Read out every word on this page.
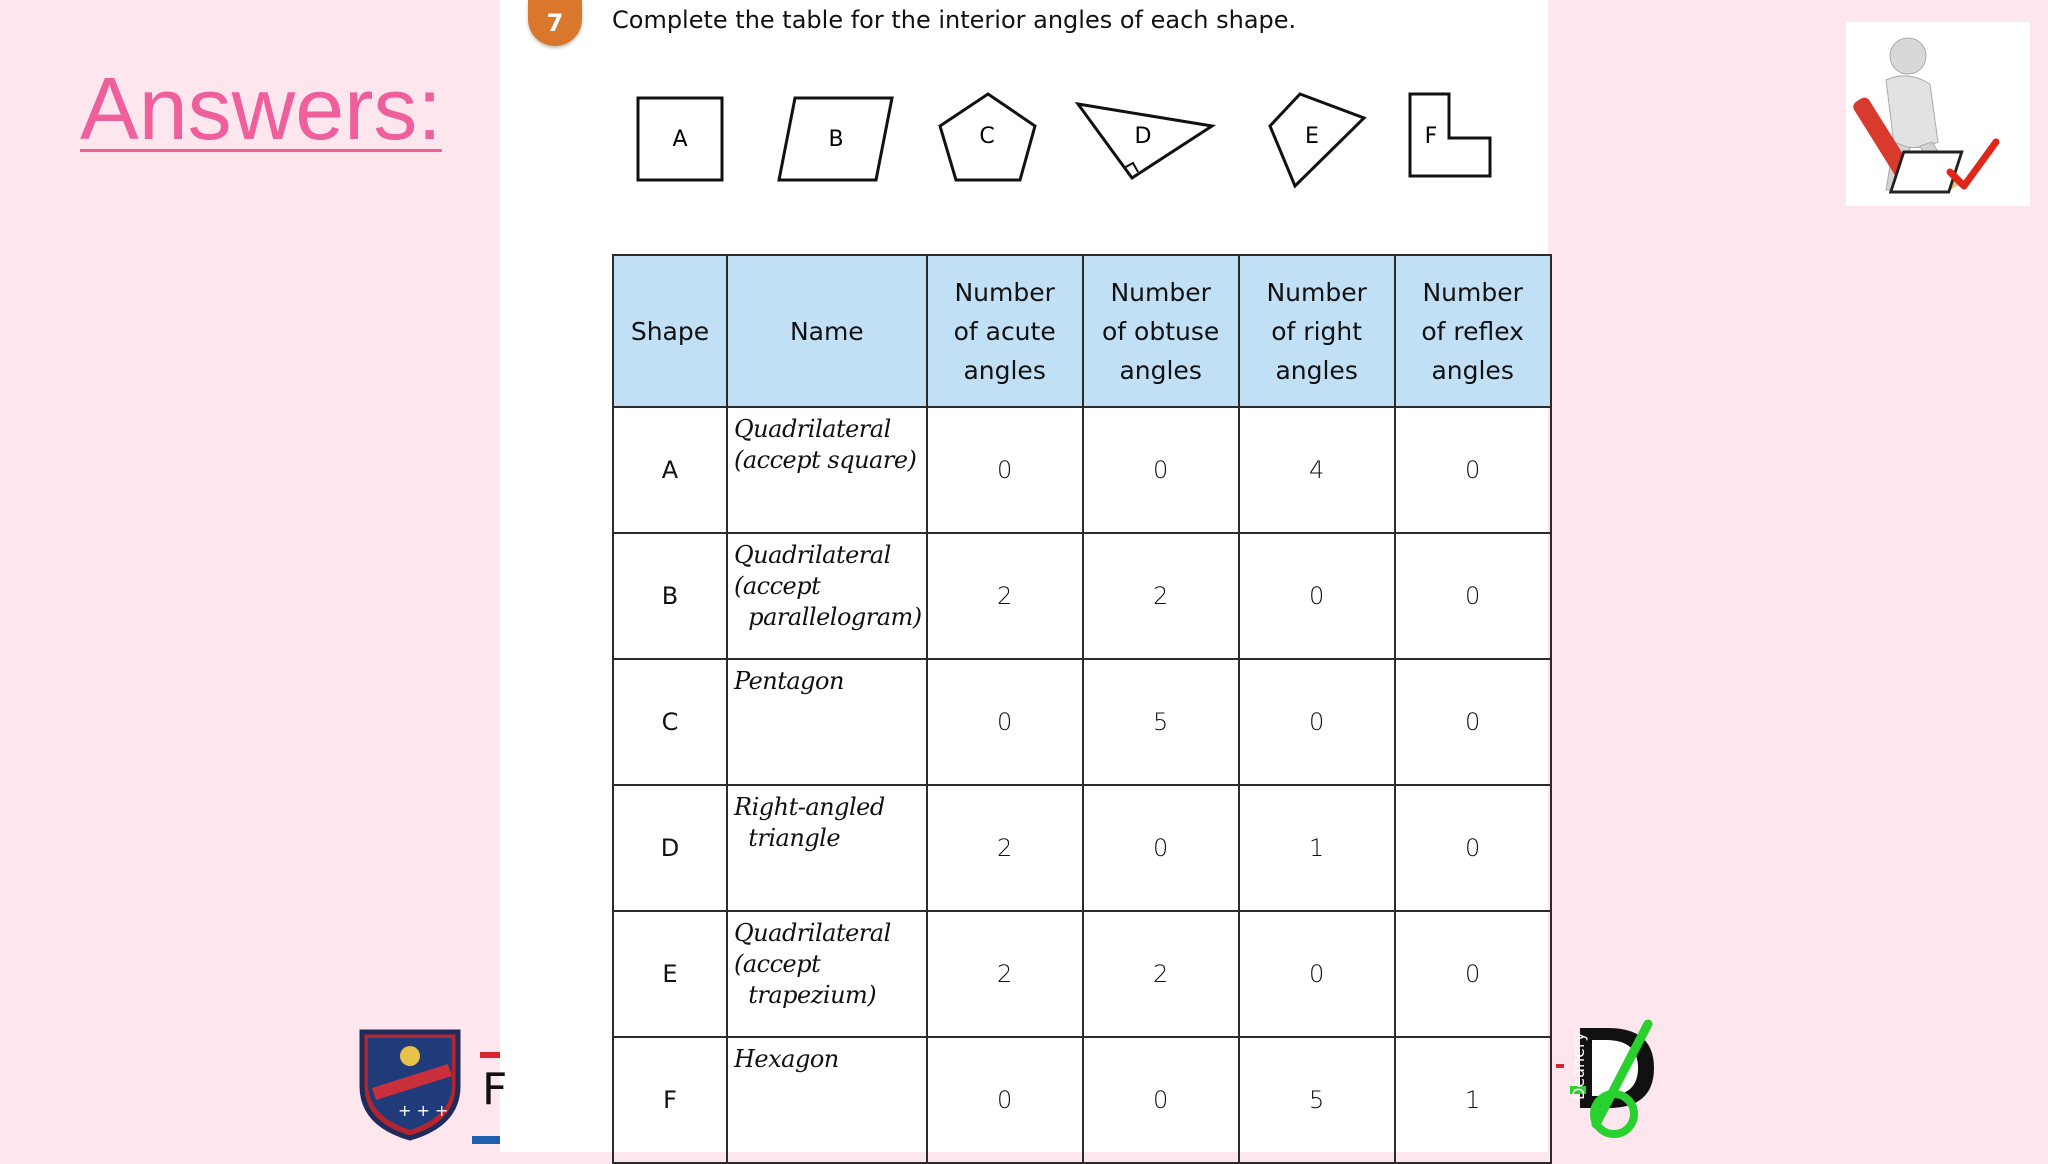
Answers:
7	Complete the table for the interior angles of each shape.
A	B	C	D	E	F
Shape	Name	Number
of acute
angles	Number
of obtuse
angles	Number
of right
angles	Number
of reflex
angles

A	Quadrilateral
(accept square)	0	0	4	0
B	Quadrilateral
(accept
parallelogram)	2	2	0	0
C	Pentagon	0	5	0	0
D	Right-angled
triangle	2	0	1	0
E	Quadrilateral
(accept
trapezium)	2	2	0	0
F	Hexagon	0	0	5	1
+ + + F	Deanery
